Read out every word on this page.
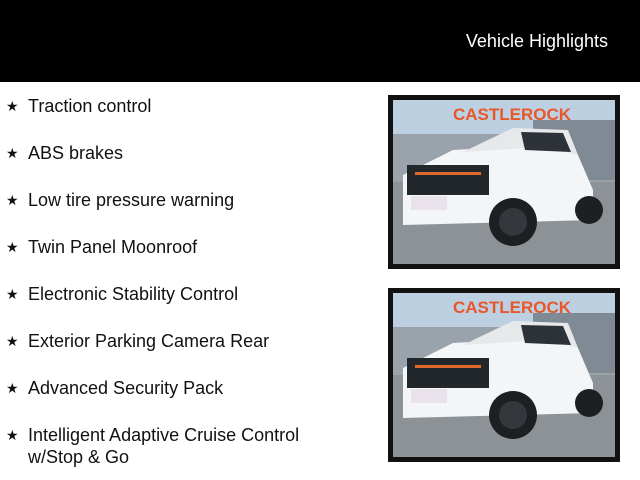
Vehicle Highlights
★ Traction control
★ ABS brakes
★ Low tire pressure warning
★ Twin Panel Moonroof
★ Electronic Stability Control
★ Exterior Parking Camera Rear
★ Advanced Security Pack
★ Intelligent Adaptive Cruise Control w/Stop & Go
CASTLEROCK
CASTLEROCK
